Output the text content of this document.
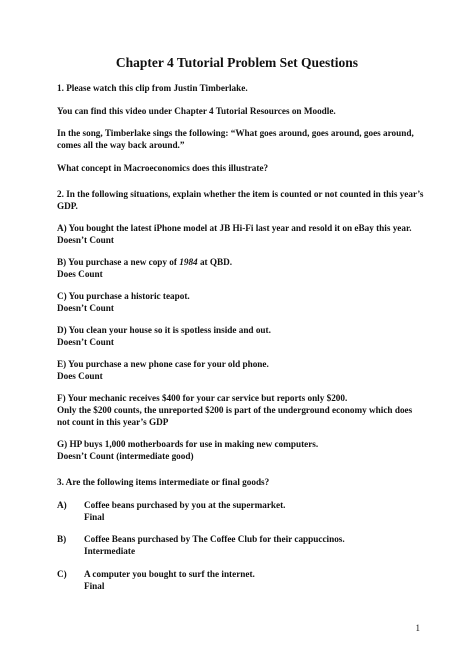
Chapter 4 Tutorial Problem Set Questions

1. Please watch this clip from Justin Timberlake.

You can find this video under Chapter 4 Tutorial Resources on Moodle.

In the song, Timberlake sings the following: “What goes around, goes around, goes around, comes all the way back around.”

What concept in Macroeconomics does this illustrate?

2. In the following situations, explain whether the item is counted or not counted in this year’s GDP.

A) You bought the latest iPhone model at JB Hi-Fi last year and resold it on eBay this year.
Doesn’t Count
B) You purchase a new copy of 1984 at QBD.
Does Count
C) You purchase a historic teapot.
Doesn’t Count
D) You clean your house so it is spotless inside and out.
Doesn’t Count
E) You purchase a new phone case for your old phone.
Does Count
F) Your mechanic receives $400 for your car service but reports only $200.
Only the $200 counts, the unreported $200 is part of the underground economy which does not count in this year’s GDP
G) HP buys 1,000 motherboards for use in making new computers.
Doesn’t Count (intermediate good)

3. Are the following items intermediate or final goods?

A) Coffee beans purchased by you at the supermarket.
Final
B) Coffee Beans purchased by The Coffee Club for their cappuccinos.
Intermediate
C) A computer you bought to surf the internet.
Final
1
